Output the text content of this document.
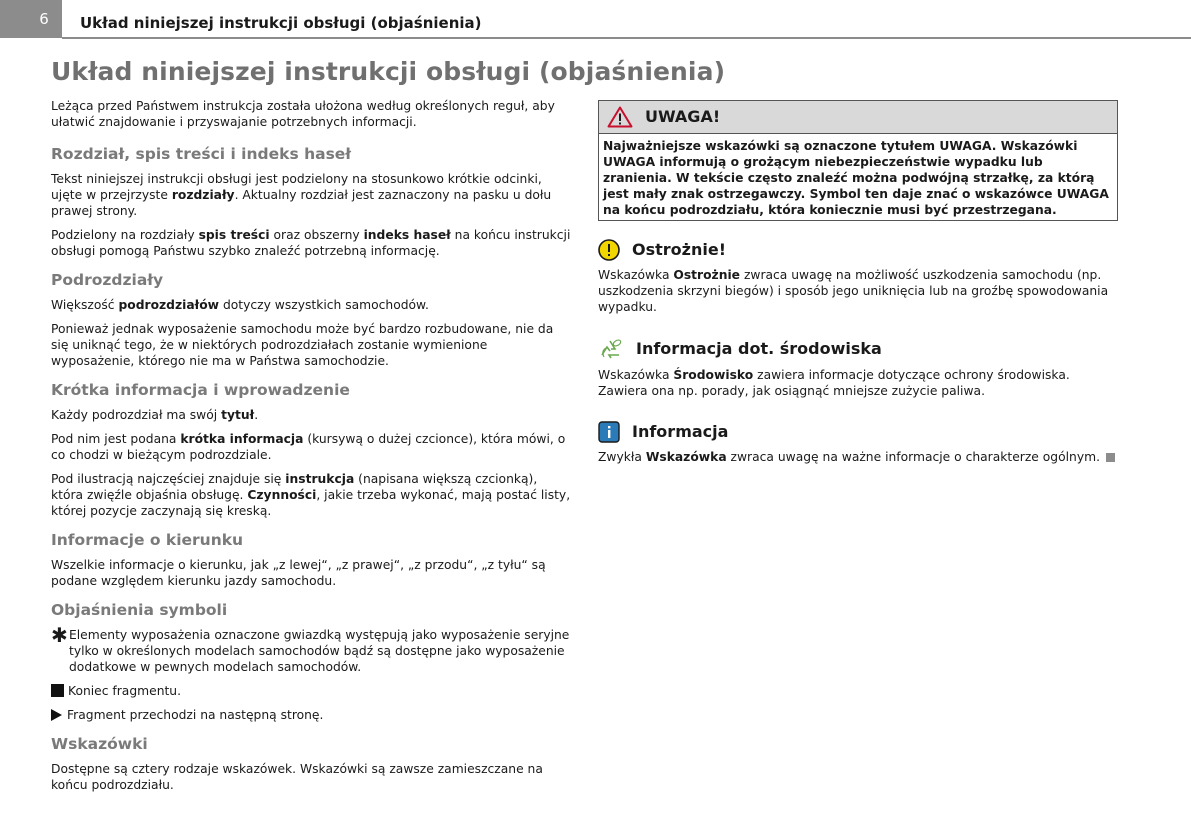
6	Układ niniejszej instrukcji obsługi (objaśnienia)
Układ niniejszej instrukcji obsługi (objaśnienia)

Leżąca przed Państwem instrukcja została ułożona według określonych reguł, aby ułatwić znajdowanie i przyswajanie potrzebnych informacji.

Rozdział, spis treści i indeks haseł

Tekst niniejszej instrukcji obsługi jest podzielony na stosunkowo krótkie odcinki, ujęte w przejrzyste rozdziały. Aktualny rozdział jest zaznaczony na pasku u dołu prawej strony.

Podzielony na rozdziały spis treści oraz obszerny indeks haseł na końcu instrukcji obsługi pomogą Państwu szybko znaleźć potrzebną informację.

Podrozdziały

Większość podrozdziałów dotyczy wszystkich samochodów.

Ponieważ jednak wyposażenie samochodu może być bardzo rozbudowane, nie da się uniknąć tego, że w niektórych podrozdziałach zostanie wymienione wyposażenie, którego nie ma w Państwa samochodzie.

Krótka informacja i wprowadzenie

Każdy podrozdział ma swój tytuł.

Pod nim jest podana krótka informacja (kursywą o dużej czcionce), która mówi, o co chodzi w bieżącym podrozdziale.

Pod ilustracją najczęściej znajduje się instrukcja (napisana większą czcionką), która zwięźle objaśnia obsługę. Czynności, jakie trzeba wykonać, mają postać listy, której pozycje zaczynają się kreską.

Informacje o kierunku

Wszelkie informacje o kierunku, jak „z lewej“, „z prawej“, „z przodu“, „z tyłu“ są podane względem kierunku jazdy samochodu.

Objaśnienia symboli

✱ Elementy wyposażenia oznaczone gwiazdką występują jako wyposażenie seryjne tylko w określonych modelach samochodów bądź są dostępne jako wyposażenie dodatkowe w pewnych modelach samochodów.

Koniec fragmentu.

Fragment przechodzi na następną stronę.

Wskazówki

Dostępne są cztery rodzaje wskazówek. Wskazówki są zawsze zamieszczane na końcu podrozdziału.

UWAGA!
Najważniejsze wskazówki są oznaczone tytułem UWAGA. Wskazówki UWAGA informują o grożącym niebezpieczeństwie wypadku lub zranienia. W tekście często znaleźć można podwójną strzałkę, za którą jest mały znak ostrzegawczy. Symbol ten daje znać o wskazówce UWAGA na końcu podrozdziału, która koniecznie musi być przestrzegana.
Ostrożnie!

Wskazówka Ostrożnie zwraca uwagę na możliwość uszkodzenia samochodu (np. uszkodzenia skrzyni biegów) i sposób jego uniknięcia lub na groźbę spowodowania wypadku.

Informacja dot. środowiska

Wskazówka Środowisko zawiera informacje dotyczące ochrony środowiska. Zawiera ona np. porady, jak osiągnąć mniejsze zużycie paliwa.

Informacja

Zwykła Wskazówka zwraca uwagę na ważne informacje o charakterze ogólnym.
